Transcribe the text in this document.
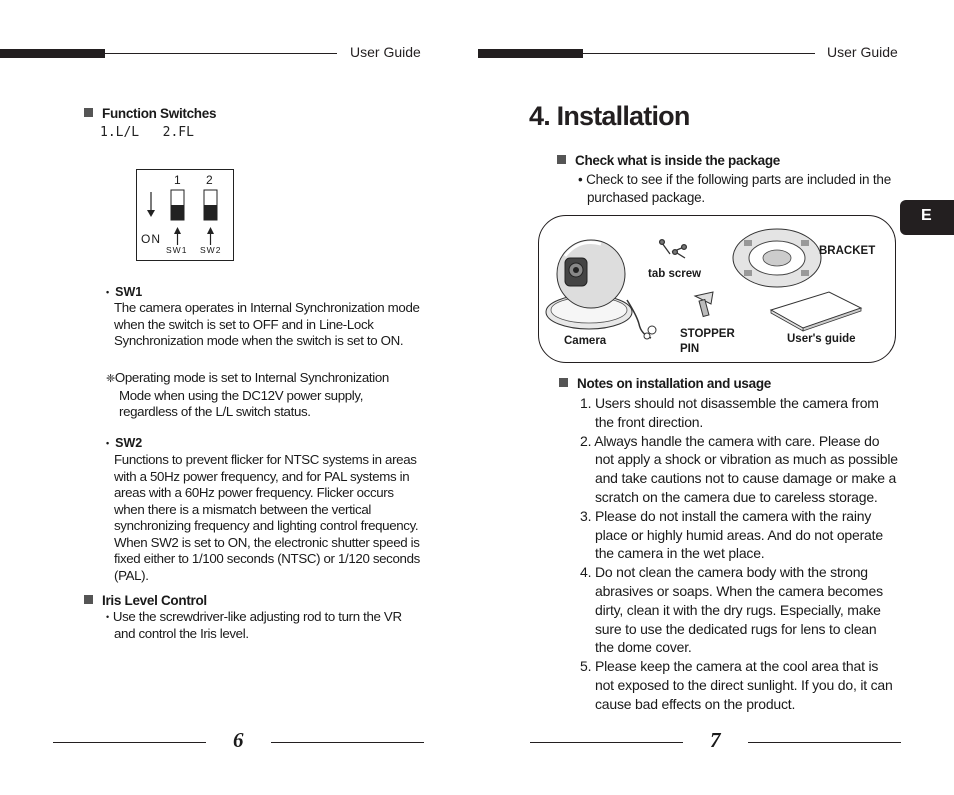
User Guide	User Guide
Function Switches
1.L/L   2.FL
1 2
ON
SW1 SW2
• SW1
The camera operates in Internal Synchronization mode when the switch is set to OFF and in Line-Lock Synchronization mode when the switch is set to ON.
❈Operating mode is set to Internal Synchronization Mode when using the DC12V power supply, regardless of the L/L switch status.
• SW2
Functions to prevent flicker for NTSC systems in areas with a 50Hz power frequency, and for PAL systems in areas with a 60Hz power frequency. Flicker occurs when there is a mismatch between the vertical synchronizing frequency and lighting control frequency. When SW2 is set to ON, the electronic shutter speed is fixed either to 1/100 seconds (NTSC) or 1/120 seconds (PAL).
Iris Level Control
• Use the screwdriver-like adjusting rod to turn the VR and control the Iris level.
6
4. Installation
E
Check what is inside the package
• Check to see if the following parts are included in the purchased package.
tab screw
BRACKET
Camera
STOPPER PIN
User's guide
Notes on installation and usage
1. Users should not disassemble the camera from the front direction.
2. Always handle the camera with care. Please do not apply a shock or vibration as much as possible and take cautions not to cause damage or make a scratch on the camera due to careless storage.
3. Please do not install the camera with the rainy place or highly humid areas. And do not operate the camera in the wet place.
4. Do not clean the camera body with the strong abrasives or soaps. When the camera becomes dirty, clean it with the dry rugs. Especially, make sure to use the dedicated rugs for lens to clean the dome cover.
5. Please keep the camera at the cool area that is not exposed to the direct sunlight. If you do, it can cause bad effects on the product.
7
